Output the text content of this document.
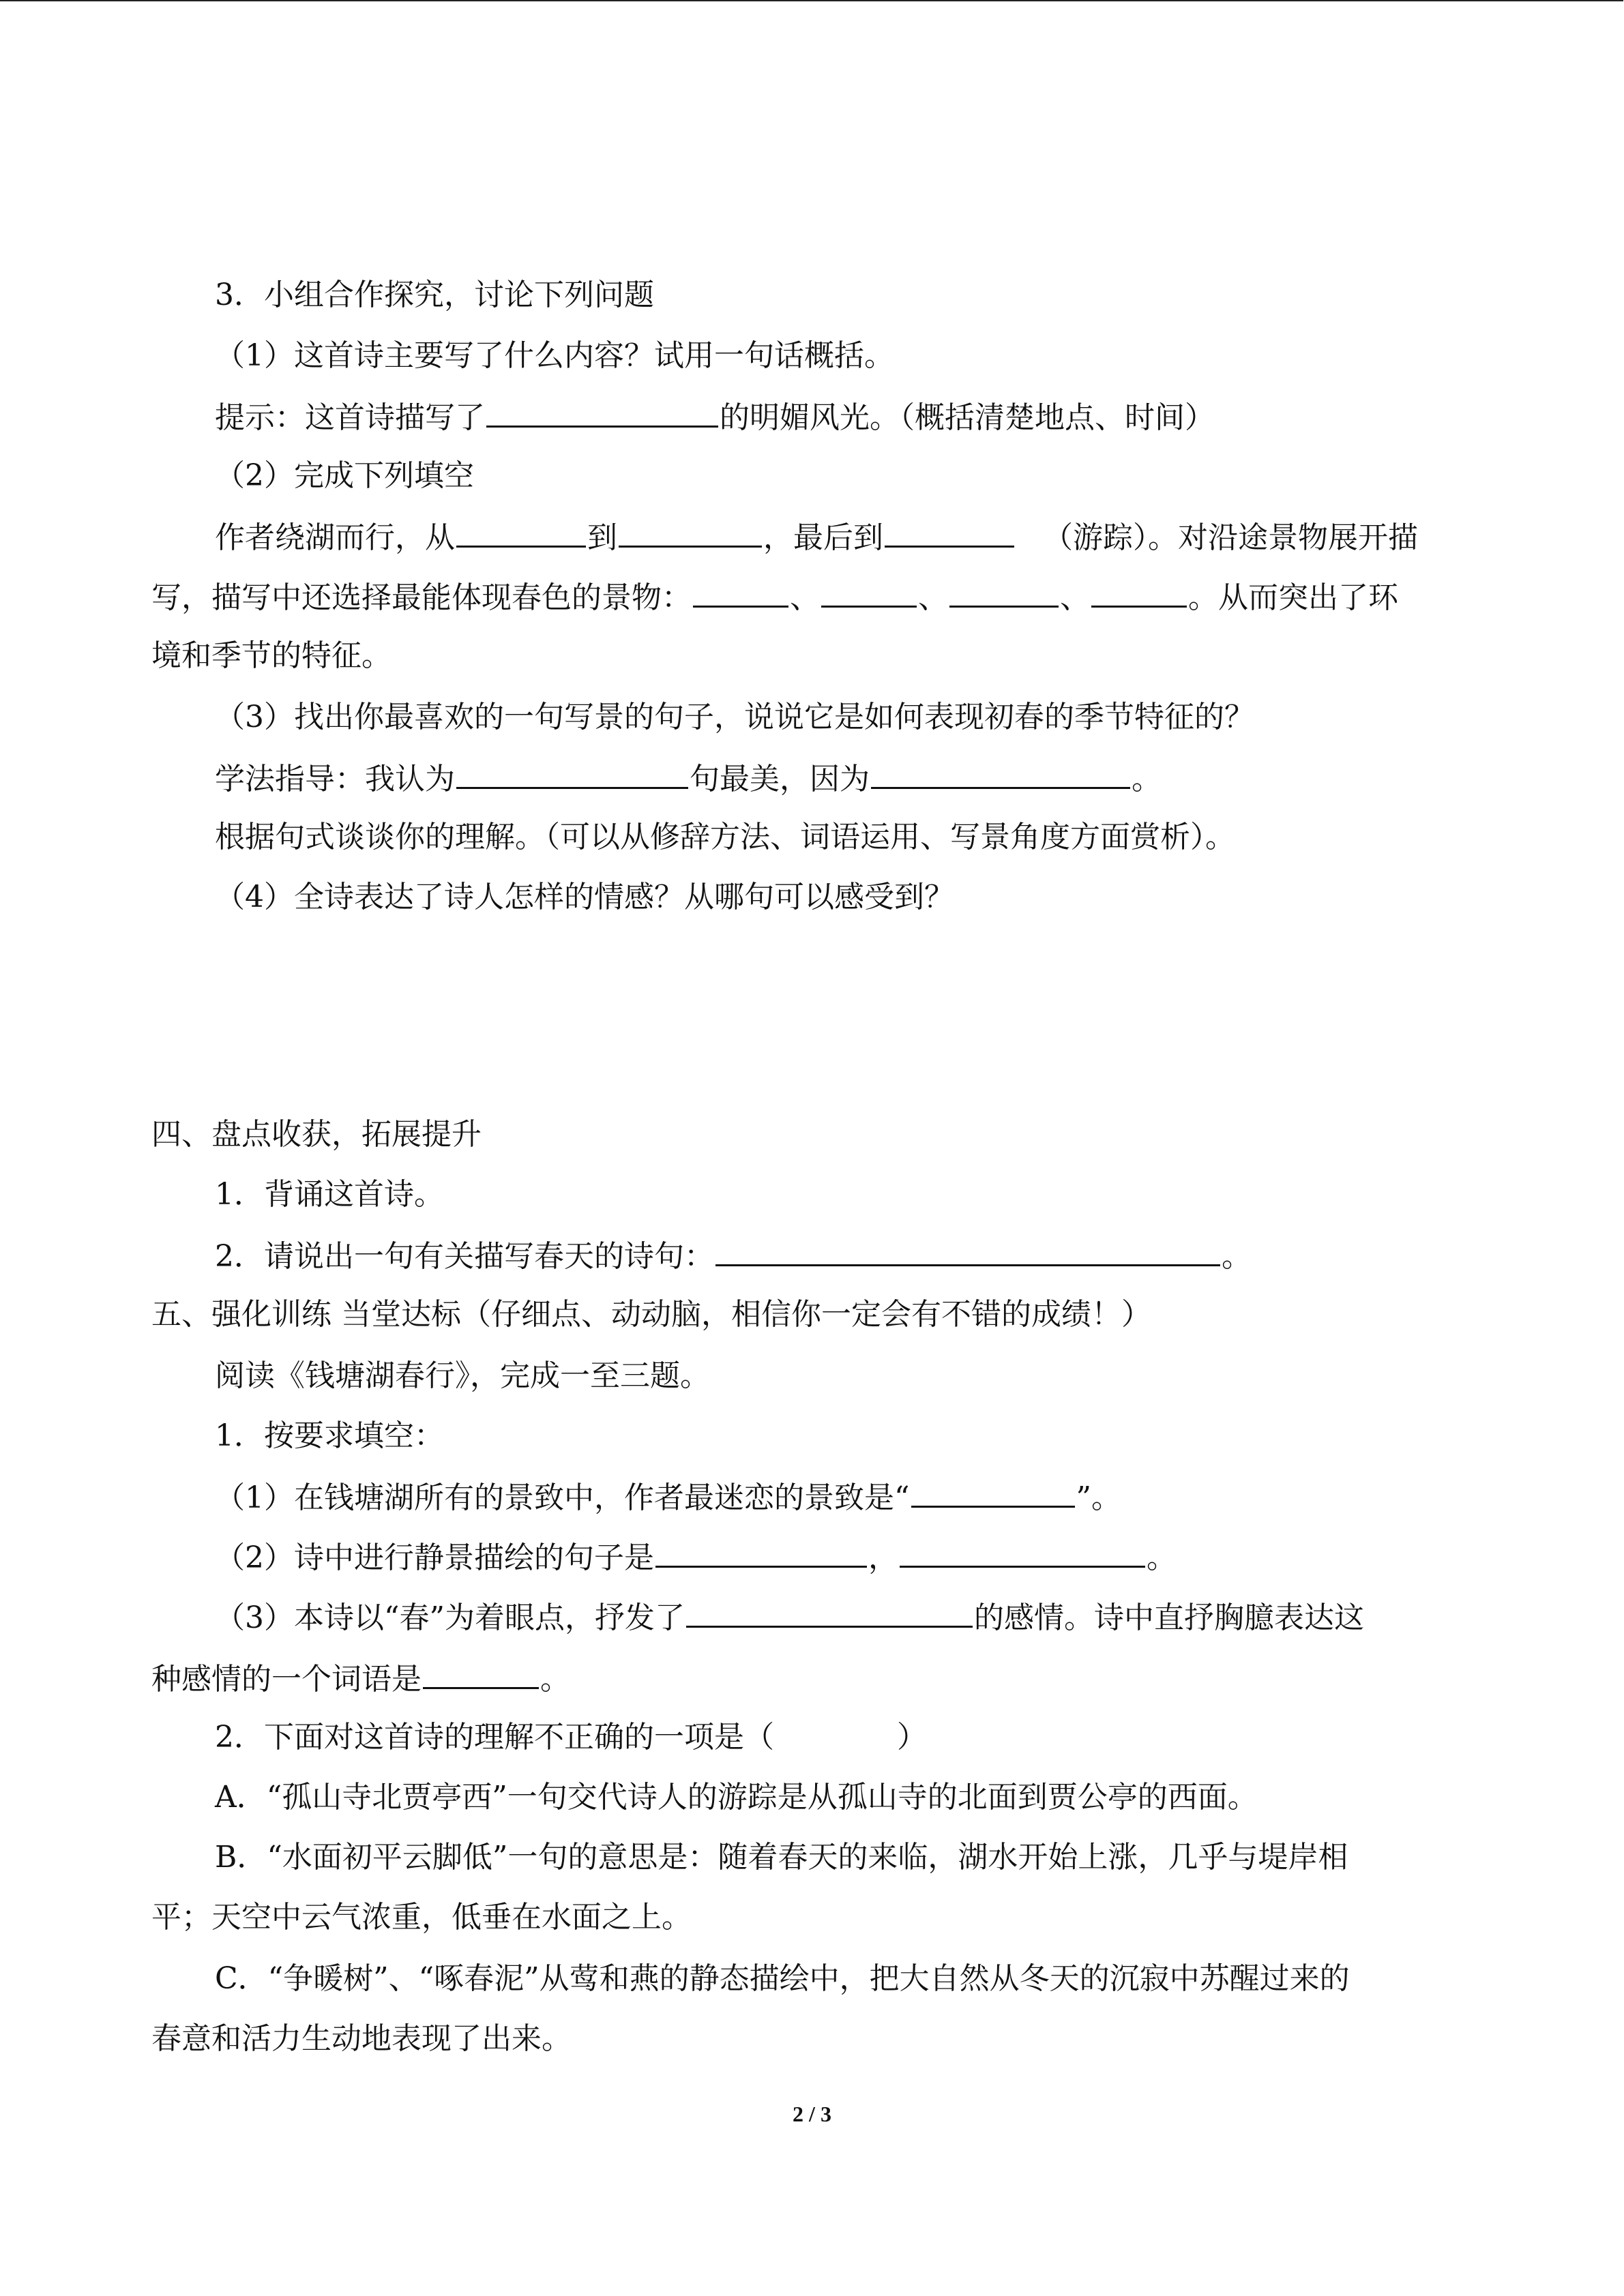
3．小组合作探究，讨论下列问题
（1）这首诗主要写了什么内容？试用一句话概括。
提示：这首诗描写了	的明媚风光。（概括清楚地点、时间）
（2）完成下列填空
作者绕湖而行，从	到	，最后到	（游踪）。对沿途景物展开描
写，描写中还选择最能体现春色的景物：	、	、	、	。从而突出了环
境和季节的特征。
（3）找出你最喜欢的一句写景的句子，说说它是如何表现初春的季节特征的？
学法指导：我认为	句最美，因为	。
根据句式谈谈你的理解。（可以从修辞方法、词语运用、写景角度方面赏析）。
（4）全诗表达了诗人怎样的情感？从哪句可以感受到？
四、盘点收获，拓展提升
1．背诵这首诗。
2．请说出一句有关描写春天的诗句：	。
五、强化训练 当堂达标（仔细点、动动脑，相信你一定会有不错的成绩！）
阅读《钱塘湖春行》，完成一至三题。
1．按要求填空：
（1）在钱塘湖所有的景致中，作者最迷恋的景致是“	”。
（2）诗中进行静景描绘的句子是	，	。
（3）本诗以“春”为着眼点，抒发了	的感情。诗中直抒胸臆表达这
种感情的一个词语是	。
2．下面对这首诗的理解不正确的一项是（	）
A．“孤山寺北贾亭西”一句交代诗人的游踪是从孤山寺的北面到贾公亭的西面。
B．“水面初平云脚低”一句的意思是：随着春天的来临，湖水开始上涨，几乎与堤岸相
平；天空中云气浓重，低垂在水面之上。
C．“争暖树”、“啄春泥”从莺和燕的静态描绘中，把大自然从冬天的沉寂中苏醒过来的
春意和活力生动地表现了出来。
2 / 3
